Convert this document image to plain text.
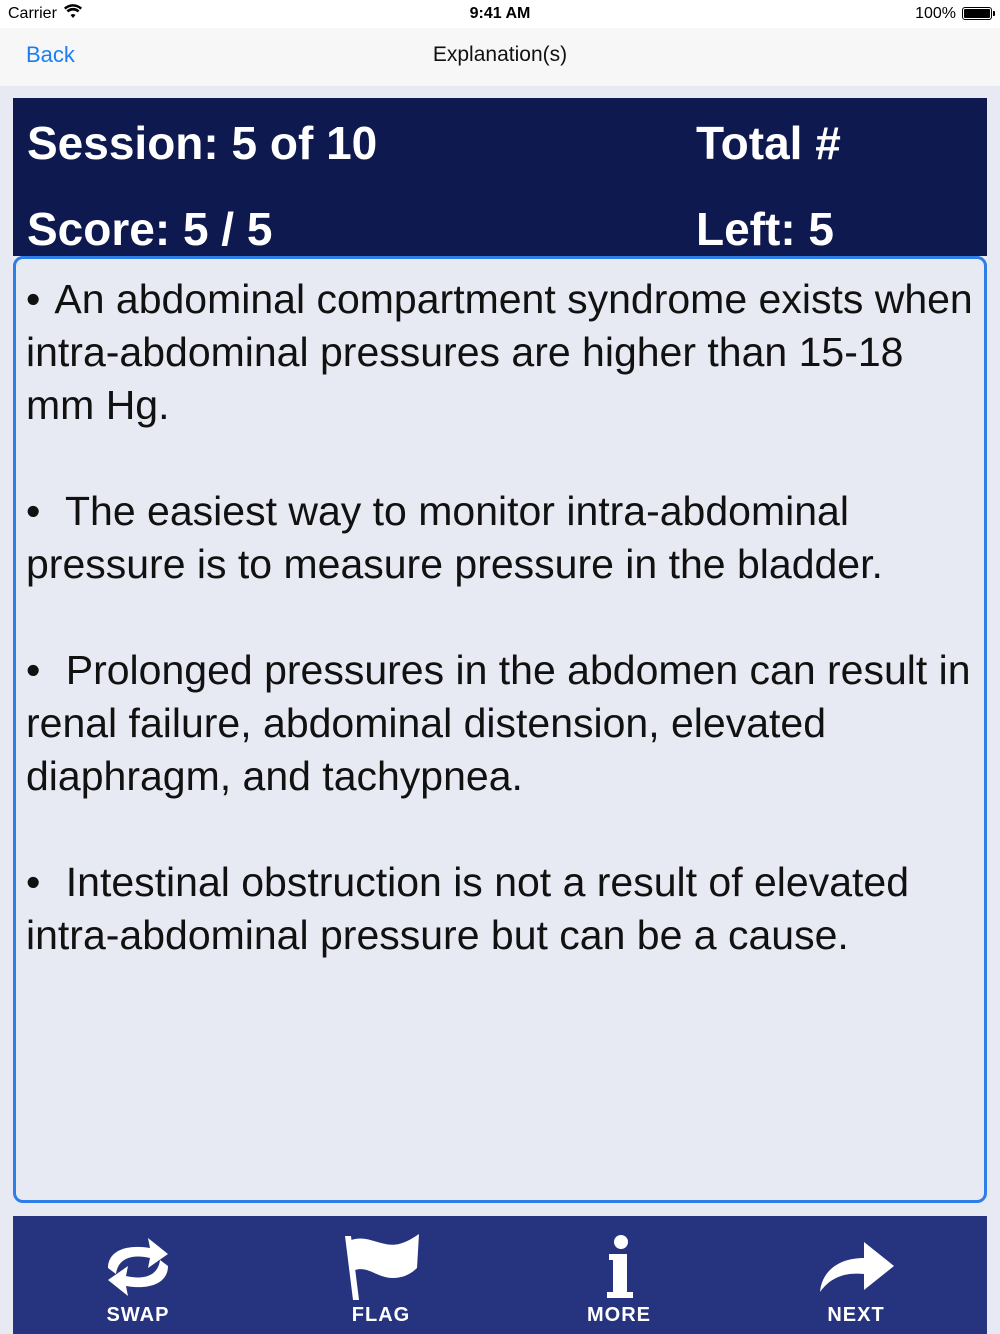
Carrier	9:41 AM	100%
Back	Explanation(s)
Session: 5 of 10	Total #
Score: 5 / 5	Left: 5

• An abdominal compartment syndrome exists when intra-abdominal pressures are higher than 15-18 mm Hg.

• The easiest way to monitor intra-abdominal pressure is to measure pressure in the bladder.

• Prolonged pressures in the abdomen can result in renal failure, abdominal distension, elevated diaphragm, and tachypnea.

• Intestinal obstruction is not a result of elevated intra-abdominal pressure but can be a cause.

SWAP	FLAG	MORE	NEXT
